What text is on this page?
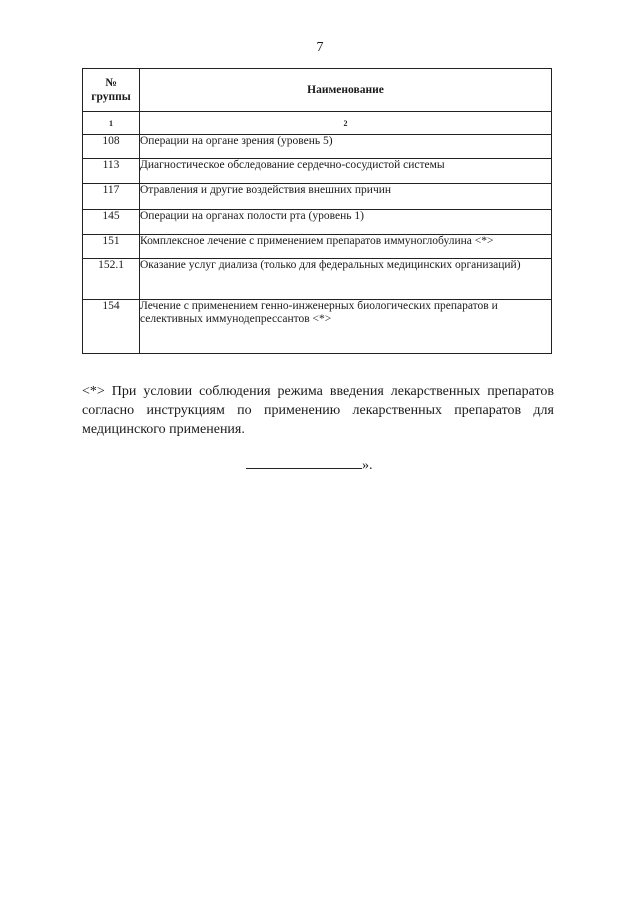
7
№
группы	Наименование
1	2
108	Операции на органе зрения (уровень 5)
113	Диагностическое обследование сердечно-сосудистой системы
117	Отравления и другие воздействия внешних причин
145	Операции на органах полости рта (уровень 1)
151	Комплексное лечение с применением препаратов иммуноглобулина <*>
152.1	Оказание услуг диализа (только для федеральных медицинских организаций)
154	Лечение с применением генно-инженерных биологических препаратов и селективных иммунодепрессантов <*>
<*> При условии соблюдения режима введения лекарственных препаратов согласно инструкциям по применению лекарственных препаратов для медицинского применения.
».
